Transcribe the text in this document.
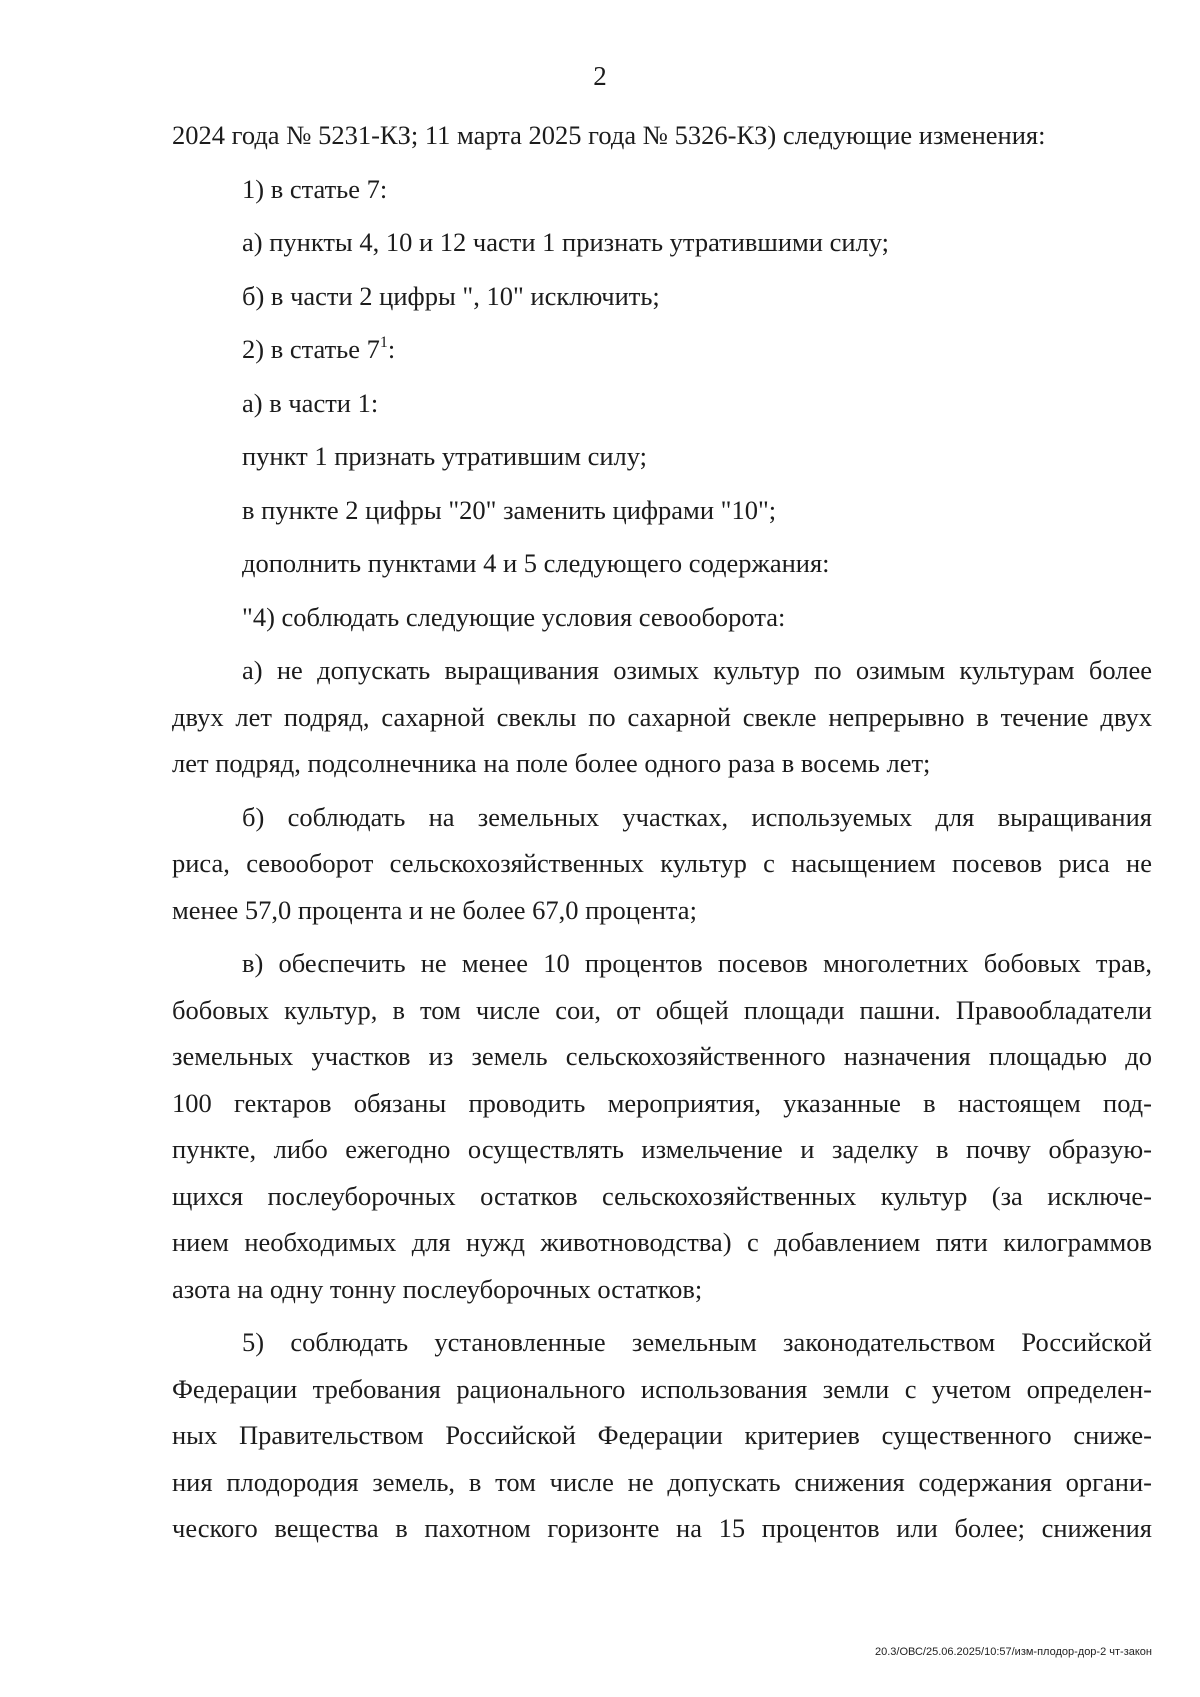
2
2024 года № 5231-КЗ; 11 марта 2025 года № 5326-КЗ) следующие изменения:
1) в статье 7:
а) пункты 4, 10 и 12 части 1 признать утратившими силу;
б) в части 2 цифры ", 10" исключить;
2) в статье $7^1$:
а) в части 1:
пункт 1 признать утратившим силу;
в пункте 2 цифры "20" заменить цифрами "10";
дополнить пунктами 4 и 5 следующего содержания:
"4) соблюдать следующие условия севооборота:
а) не допускать выращивания озимых культур по озимым культурам более
двух лет подряд, сахарной свеклы по сахарной свекле непрерывно в течение двух
лет подряд, подсолнечника на поле более одного раза в восемь лет;
б) соблюдать на земельных участках, используемых для выращивания
риса, севооборот сельскохозяйственных культур с насыщением посевов риса не
менее 57,0 процента и не более 67,0 процента;
в) обеспечить не менее 10 процентов посевов многолетних бобовых трав,
бобовых культур, в том числе сои, от общей площади пашни. Правообладатели
земельных участков из земель сельскохозяйственного назначения площадью до
100 гектаров обязаны проводить мероприятия, указанные в настоящем под-
пункте, либо ежегодно осуществлять измельчение и заделку в почву образую-
щихся послеуборочных остатков сельскохозяйственных культур (за исключе-
нием необходимых для нужд животноводства) с добавлением пяти килограммов
азота на одну тонну послеуборочных остатков;
5) соблюдать установленные земельным законодательством Российской
Федерации требования рационального использования земли с учетом определен-
ных Правительством Российской Федерации критериев существенного сниже-
ния плодородия земель, в том числе не допускать снижения содержания органи-
ческого вещества в пахотном горизонте на 15 процентов или более; снижения
20.3/ОВС/25.06.2025/10:57/изм-плодор-дор-2 чт-закон
